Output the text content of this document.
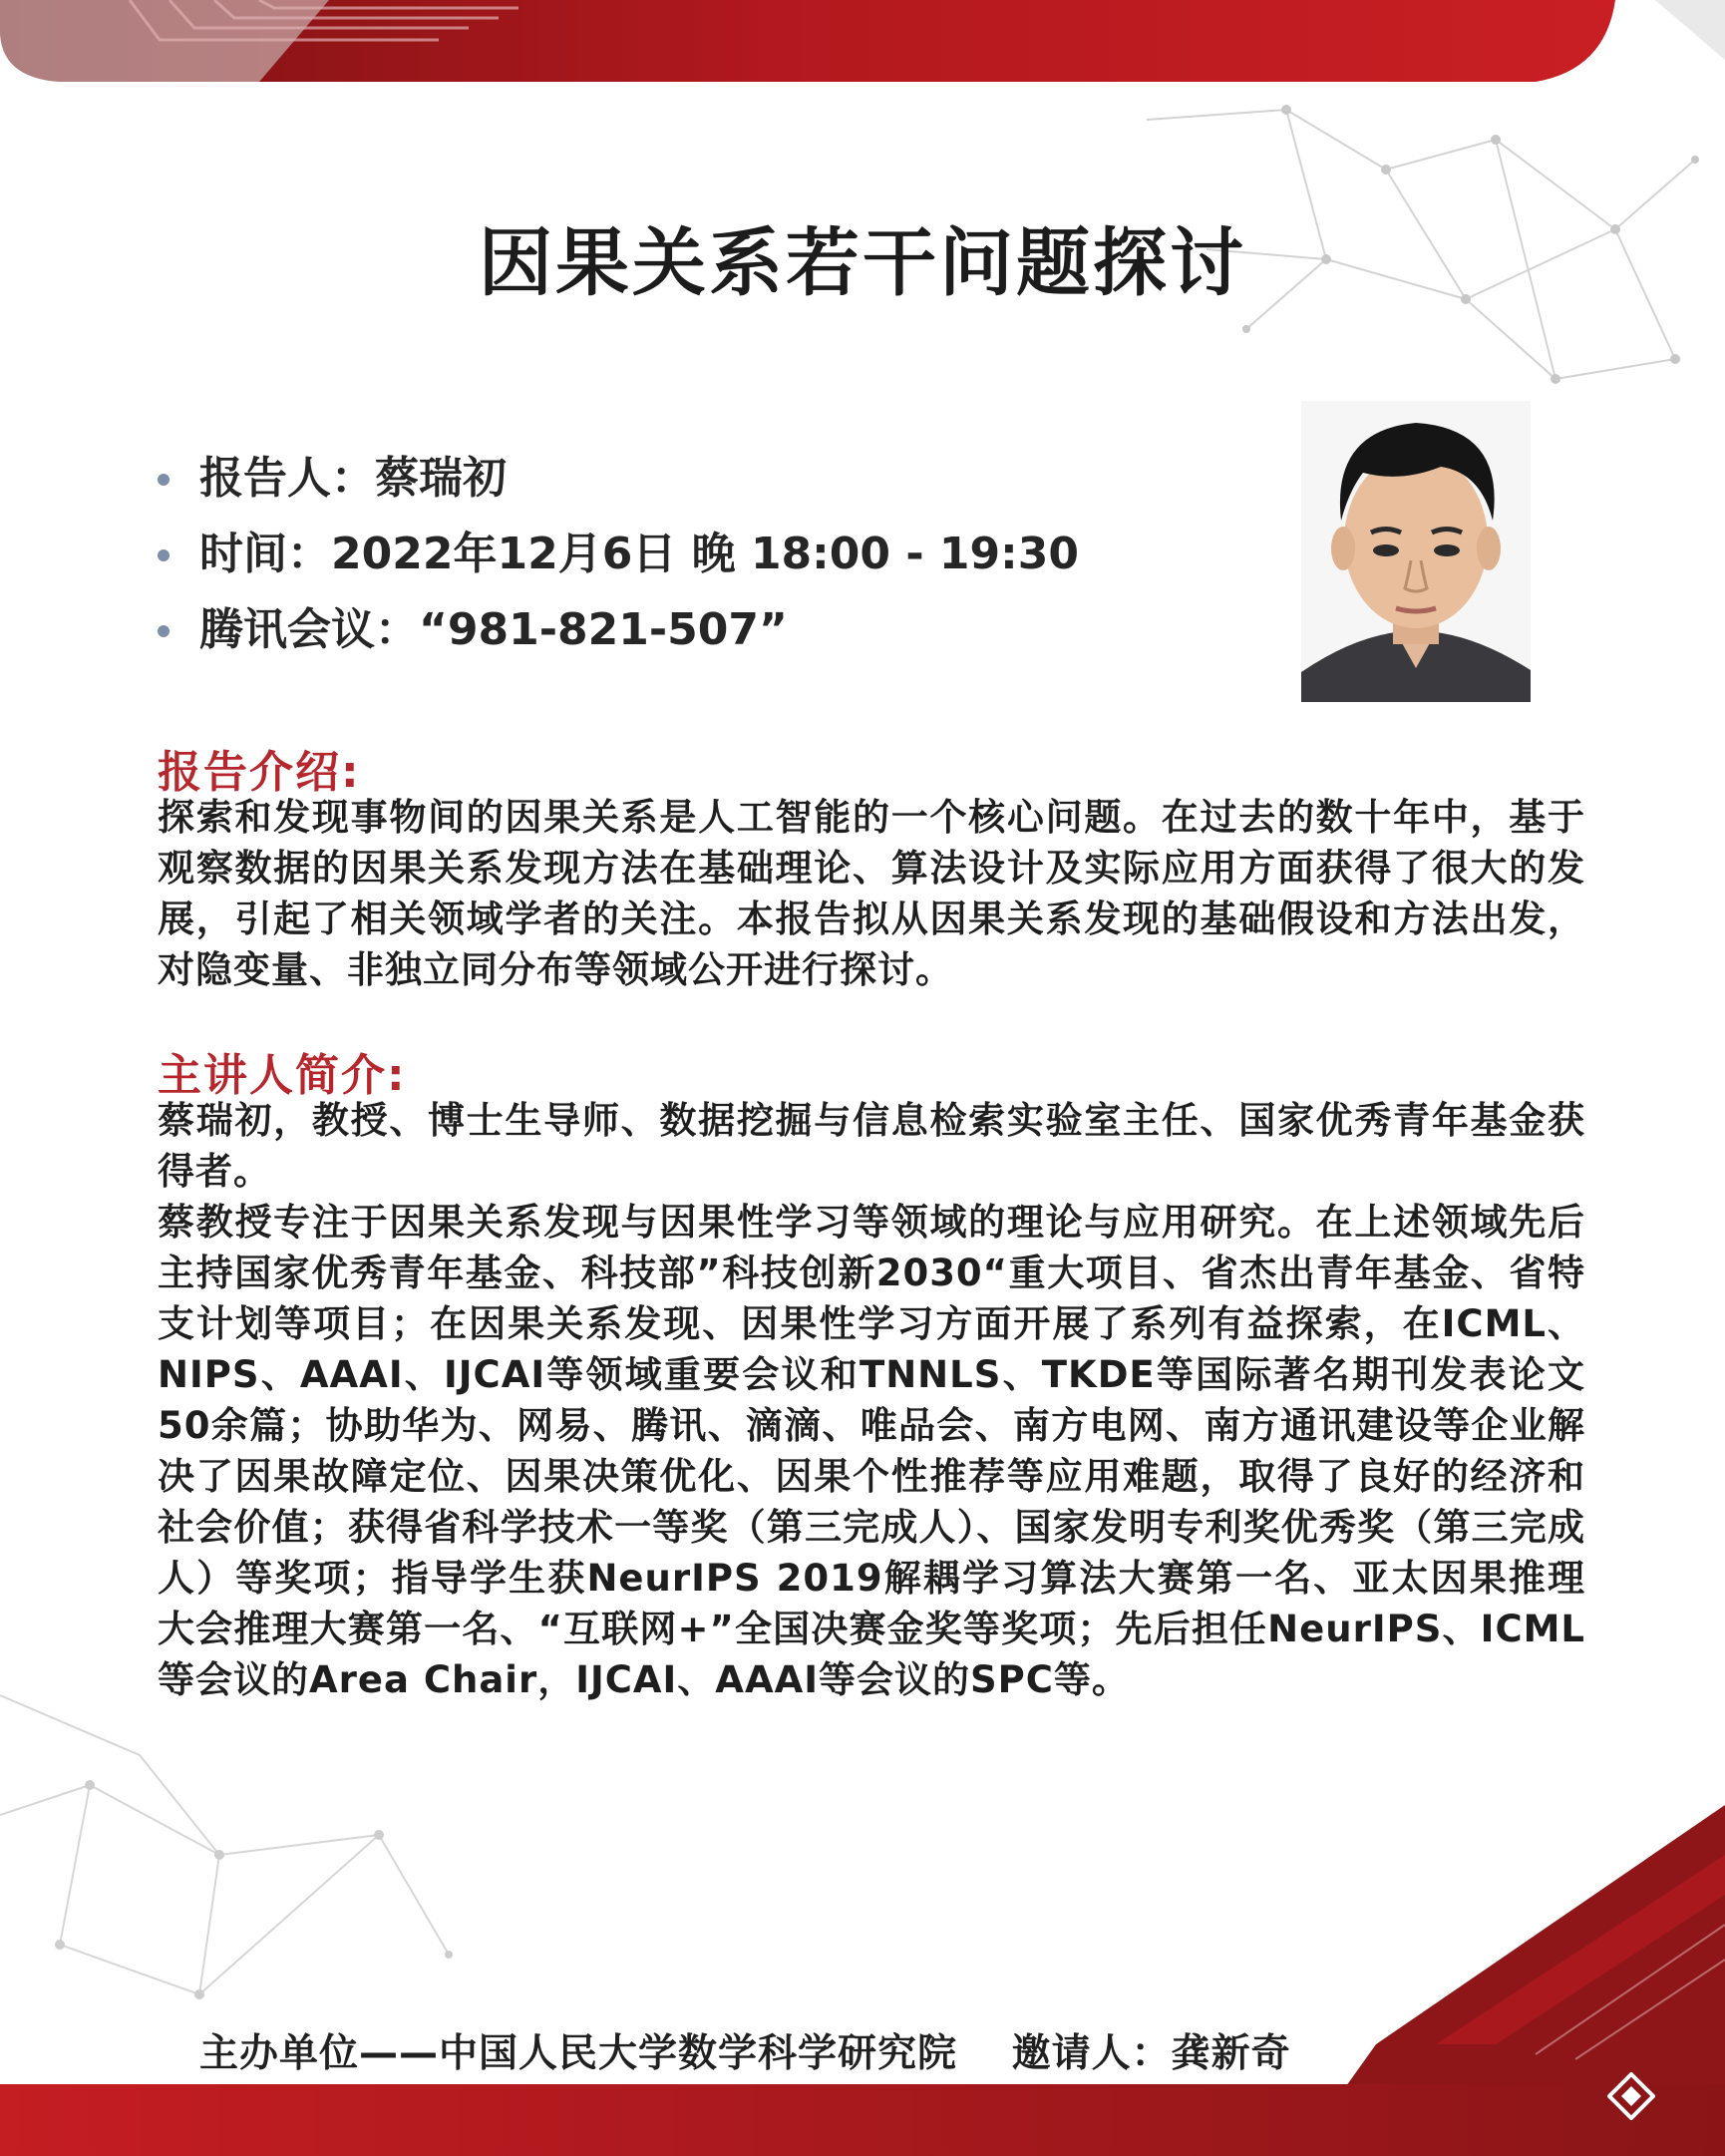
因果关系若干问题探讨
报告人：蔡瑞初
时间：2022年12月6日 晚 18:00 - 19:30
腾讯会议：“981-821-507”
报告介绍:

探索和发现事物间的因果关系是人工智能的一个核心问题。在过去的数十年中，基于观察数据的因果关系发现方法在基础理论、算法设计及实际应用方面获得了很大的发展，引起了相关领域学者的关注。本报告拟从因果关系发现的基础假设和方法出发，对隐变量、非独立同分布等领域公开进行探讨。

主讲人简介:

蔡瑞初，教授、博士生导师、数据挖掘与信息检索实验室主任、国家优秀青年基金获得者。

蔡教授专注于因果关系发现与因果性学习等领域的理论与应用研究。在上述领域先后主持国家优秀青年基金、科技部”科技创新2030“重大项目、省杰出青年基金、省特支计划等项目；在因果关系发现、因果性学习方面开展了系列有益探索，在ICML、NIPS、AAAI、IJCAI等领域重要会议和TNNLS、TKDE等国际著名期刊发表论文50余篇；协助华为、网易、腾讯、滴滴、唯品会、南方电网、南方通讯建设等企业解决了因果故障定位、因果决策优化、因果个性推荐等应用难题，取得了良好的经济和社会价值；获得省科学技术一等奖（第三完成人）、国家发明专利奖优秀奖（第三完成人）等奖项；指导学生获NeurIPS 2019解耦学习算法大赛第一名、亚太因果推理大会推理大赛第一名、“互联网+”全国决赛金奖等奖项；先后担任NeurIPS、ICML等会议的Area Chair，IJCAI、AAAI等会议的SPC等。

主办单位——中国人民大学数学科学研究院 邀请人：龚新奇
